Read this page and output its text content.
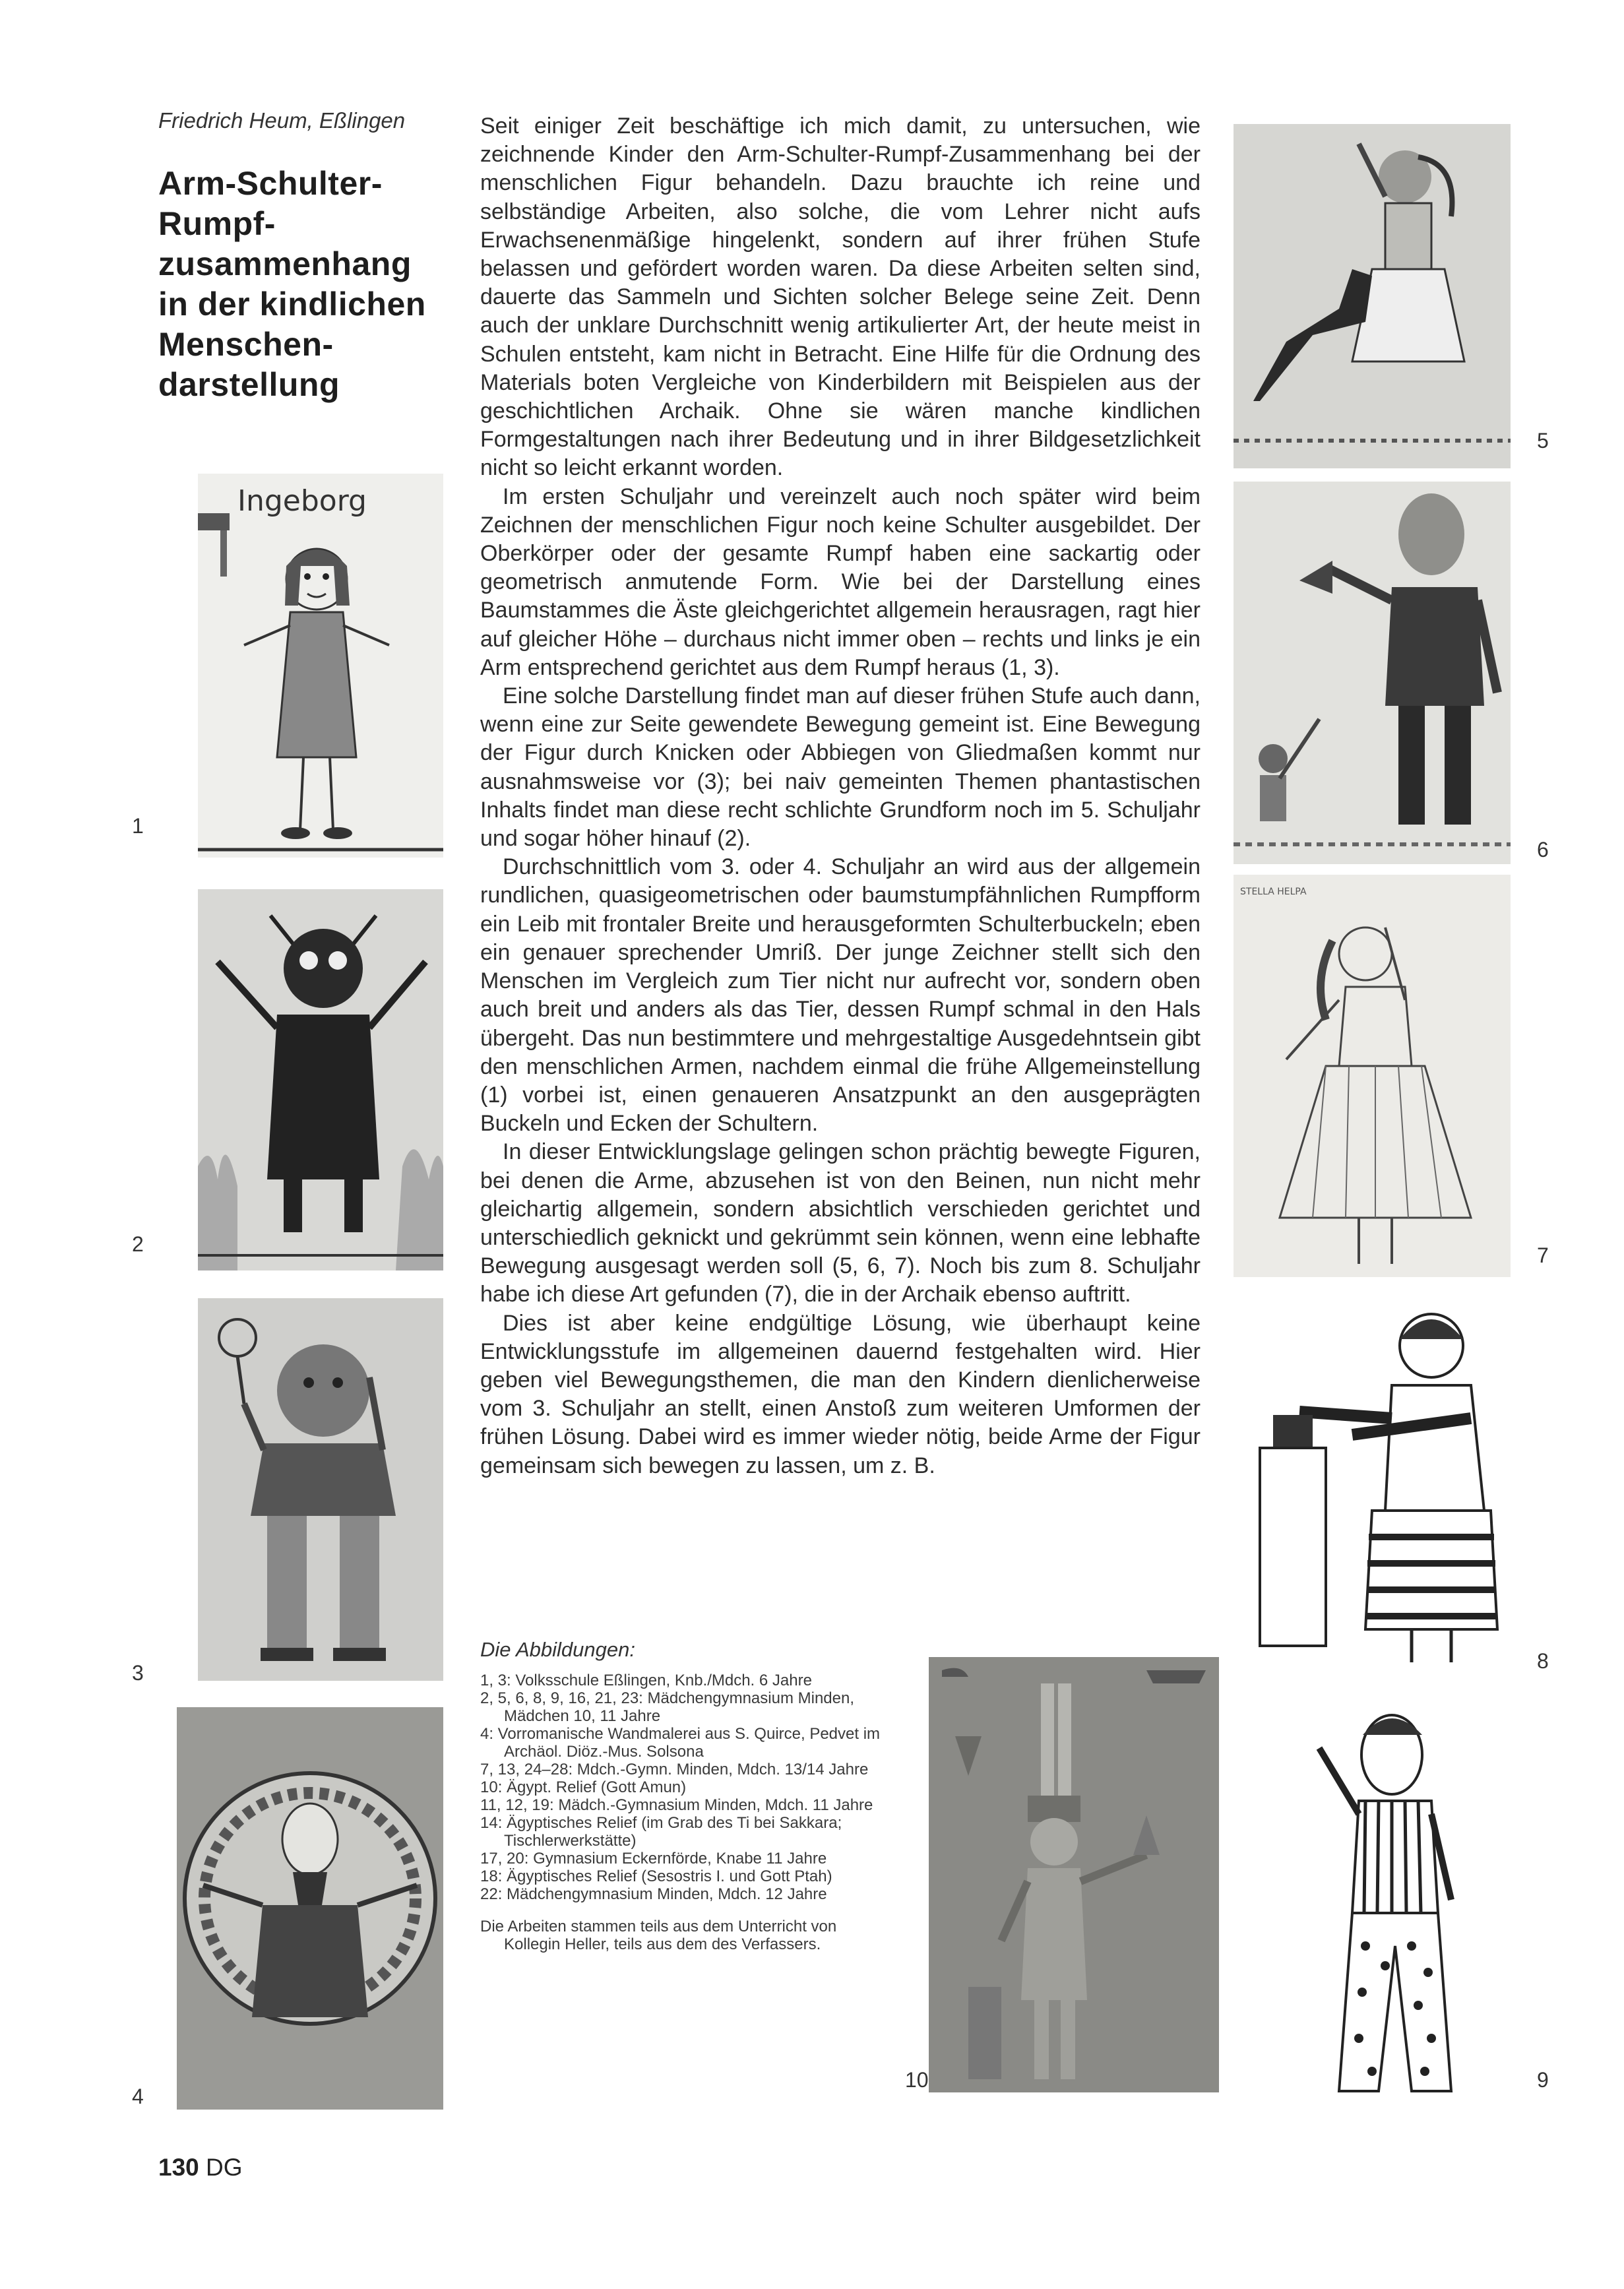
Friedrich Heum, Eßlingen
Arm-Schulter-
Rumpf-
zusammenhang
in der kindlichen
Menschen-
darstellung
Ingeborg
1
2
3
4

Seit einiger Zeit beschäftige ich mich damit, zu untersuchen, wie zeichnende Kinder den Arm-Schulter-Rumpf-Zusammenhang bei der menschlichen Figur behandeln. Dazu brauchte ich reine und selbständige Arbeiten, also solche, die vom Lehrer nicht aufs Erwachsenenmäßige hingelenkt, sondern auf ihrer frühen Stufe belassen und gefördert worden waren. Da diese Arbeiten selten sind, dauerte das Sammeln und Sichten solcher Belege seine Zeit. Denn auch der unklare Durchschnitt wenig artikulierter Art, der heute meist in Schulen entsteht, kam nicht in Betracht. Eine Hilfe für die Ordnung des Materials boten Vergleiche von Kinderbildern mit Beispielen aus der geschichtlichen Archaik. Ohne sie wären manche kindlichen Formgestaltungen nach ihrer Bedeutung und in ihrer Bildgesetzlichkeit nicht so leicht erkannt worden.

Im ersten Schuljahr und vereinzelt auch noch später wird beim Zeichnen der menschlichen Figur noch keine Schulter ausgebildet. Der Oberkörper oder der gesamte Rumpf haben eine sackartig oder geometrisch anmutende Form. Wie bei der Darstellung eines Baumstammes die Äste gleichgerichtet allgemein herausragen, ragt hier auf gleicher Höhe – durchaus nicht immer oben – rechts und links je ein Arm entsprechend gerichtet aus dem Rumpf heraus (1, 3).

Eine solche Darstellung findet man auf dieser frühen Stufe auch dann, wenn eine zur Seite gewendete Bewegung gemeint ist. Eine Bewegung der Figur durch Knicken oder Abbiegen von Gliedmaßen kommt nur ausnahmsweise vor (3); bei naiv gemeinten Themen phantastischen Inhalts findet man diese recht schlichte Grundform noch im 5. Schuljahr und sogar höher hinauf (2).

Durchschnittlich vom 3. oder 4. Schuljahr an wird aus der allgemein rundlichen, quasigeometrischen oder baumstumpfähnlichen Rumpfform ein Leib mit frontaler Breite und herausgeformten Schulterbuckeln; eben ein genauer sprechender Umriß. Der junge Zeichner stellt sich den Menschen im Vergleich zum Tier nicht nur aufrecht vor, sondern oben auch breit und anders als das Tier, dessen Rumpf schmal in den Hals übergeht. Das nun bestimmtere und mehrgestaltige Ausgedehntsein gibt den menschlichen Armen, nachdem einmal die frühe Allgemeinstellung (1) vorbei ist, einen genaueren Ansatzpunkt an den ausgeprägten Buckeln und Ecken der Schultern.

In dieser Entwicklungslage gelingen schon prächtig bewegte Figuren, bei denen die Arme, abzusehen ist von den Beinen, nun nicht mehr gleichartig allgemein, sondern absichtlich verschieden gerichtet und unterschiedlich geknickt und gekrümmt sein können, wenn eine lebhafte Bewegung ausgesagt werden soll (5, 6, 7). Noch bis zum 8. Schuljahr habe ich diese Art gefunden (7), die in der Archaik ebenso auftritt.

Dies ist aber keine endgültige Lösung, wie überhaupt keine Entwicklungsstufe im allgemeinen dauernd festgehalten wird. Hier geben viel Bewegungsthemen, die man den Kindern dienlicherweise vom 3. Schuljahr an stellt, einen Anstoß zum weiteren Umformen der frühen Lösung. Dabei wird es immer wieder nötig, beide Arme der Figur gemeinsam sich bewegen zu lassen, um z. B.

Die Abbildungen:

1, 3: Volksschule Eßlingen, Knb./Mdch. 6 Jahre

2, 5, 6, 8, 9, 16, 21, 23: Mädchengymnasium Minden, Mädchen 10, 11 Jahre

4: Vorromanische Wandmalerei aus S. Quirce, Pedvet im Archäol. Diöz.-Mus. Solsona

7, 13, 24–28: Mdch.-Gymn. Minden, Mdch. 13/14 Jahre

10: Ägypt. Relief (Gott Amun)

11, 12, 19: Mädch.-Gymnasium Minden, Mdch. 11 Jahre

14: Ägyptisches Relief (im Grab des Ti bei Sakkara; Tischlerwerkstätte)

17, 20: Gymnasium Eckernförde, Knabe 11 Jahre

18: Ägyptisches Relief (Sesostris I. und Gott Ptah)

22: Mädchengymnasium Minden, Mdch. 12 Jahre

Die Arbeiten stammen teils aus dem Unterricht von Kollegin Heller, teils aus dem des Verfassers.

10
5
6
STELLA HELPA
7
8
9
130 DG
